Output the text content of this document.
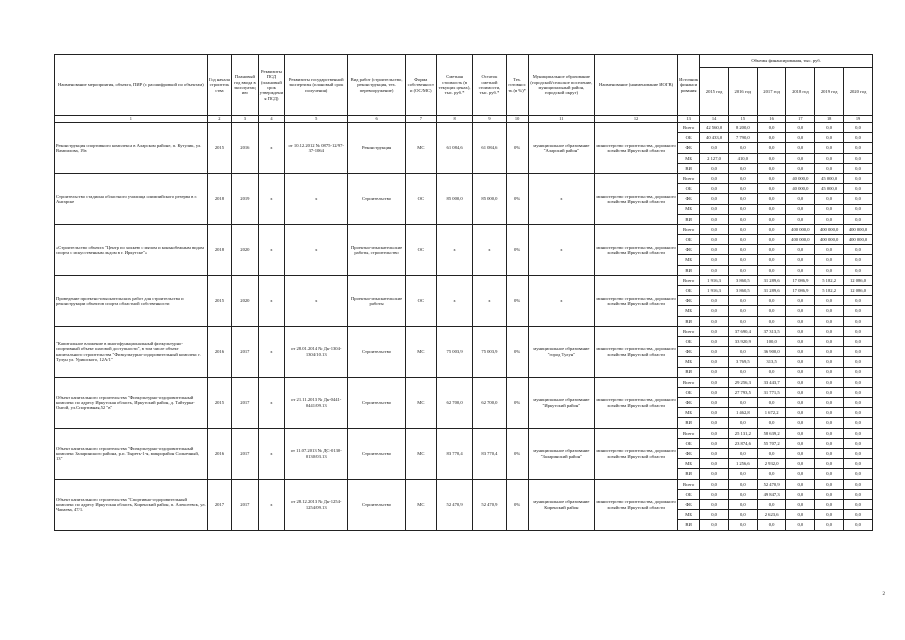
Наименование мероприятия, объекта, ПИР (с расшифровкой по объектам)	Год начала строительства	Плановый год ввода в эксплуатацию	Реквизиты ПСД (плановый срок утверждения ПСД)	Реквизиты государственной экспертизы (плановый срок получения)	Вид работ (строительство, реконструкция, тех. перевооружение)	Форма собственности (ОС/МС)	Сметная стоимость (в текущих ценах), тыс. руб.*	Остаток сметной стоимости, тыс. руб.*	Тех. готовность (в %)*	Муниципальное образование (городской/сельское поселение, муниципальный район, городской округ)	Наименование (наименование ИОГВ)	Источник финансирования	Объемы финансирования, тыс. руб.					
													2015 год	2016 год	2017 год	2018 год	2019 год	2020 год
1	2	3	4	5	6	7	8	9	10	11	12	13	14	15	16	17	18	19
Реконструкция спортивного комплекса в Аларском районе, п. Кутулик, ул. Вампилова, 19а	2015	2016	х	от 10.12.2012 № 0875-12/97-37-1064	Реконструкция	МС	61 084,6	61 084,6	0%	муниципальное образование "Аларский район"	министерство строительства, дорожного хозяйства Иркутской области	Всего	42 560,0	8 200,0	0,0	0,0	0,0	0,0
												ОБ	40 433,0	7 790,0	0,0	0,0	0,0	0,0
												ФБ	0,0	0,0	0,0	0,0	0,0	0,0
												МБ	2 127,0	410,0	0,0	0,0	0,0	0,0
												ВИ	0,0	0,0	0,0	0,0	0,0	0,0
Строительство стадиона областного училища олимпийского резерва в г. Ангарске	2018	2019	х	х	Строительство	ОС	85 000,0	85 000,0	0%	х	министерство строительства, дорожного хозяйства Иркутской области	Всего	0,0	0,0	0,0	40 000,0	45 000,0	0,0
												ОБ	0,0	0,0	0,0	40 000,0	45 000,0	0,0
												ФБ	0,0	0,0	0,0	0,0	0,0	0,0
												МБ	0,0	0,0	0,0	0,0	0,0	0,0
												ВИ	0,0	0,0	0,0	0,0	0,0	0,0
«Строительство объекта "Центр по хоккею с мячом и конькобежным видам спорта с искусственным льдом в г. Иркутске"»	2018	2020	х	х	Проектно-изыскательские работы, строительство	ОС	х	х	0%	х	министерство строительства, дорожного хозяйства Иркутской области	Всего	0,0	0,0	0,0	400 000,0	400 000,0	400 000,0
												ОБ	0,0	0,0	0,0	400 000,0	400 000,0	400 000,0
												ФБ	0,0	0,0	0,0	0,0	0,0	0,0
												МБ	0,0	0,0	0,0	0,0	0,0	0,0
												ВИ	0,0	0,0	0,0	0,0	0,0	0,0
Проведение проектно-изыскательских работ для строительства и реконструкции объектов спорта областной собственности	2015	2020	х	х	Проектно-изыскательские работы	ОС	х	х	0%	х	министерство строительства, дорожного хозяйства Иркутской области	Всего	1 916,3	3 860,5	31 289,6	17 086,9	5 182,2	12 086,0
												ОБ	1 916,3	3 860,5	31 289,6	17 086,9	5 182,2	12 086,0
												ФБ	0,0	0,0	0,0	0,0	0,0	0,0
												МБ	0,0	0,0	0,0	0,0	0,0	0,0
												ВИ	0,0	0,0	0,0	0,0	0,0	0,0
"Капитальное вложение в многофункциональный физкультурно-спортивный объект шаговой доступности", в том числе объект капитального строительства "Физкультурно-оздоровительный комплекс г. Тулун ул. Уришского, 12А/1"	2016	2017	х	от 28.01.2014 № Дк-1304-1304/10.13	Строительство	МС	75 003,9	75 003,9	0%	муниципальное образование "город Тулун"	министерство строительства, дорожного хозяйства Иркутской области	Всего	0,0	37 690,4	37 313,5	0,0	0,0	0,0
												ОБ	0,0	33 920,9	100,0	0,0	0,0	0,0
												ФБ	0,0	0,0	36 900,0	0,0	0,0	0,0
												МБ	0,0	3 769,5	313,5	0,0	0,0	0,0
												ВИ	0,0	0,0	0,0	0,0	0,0	0,0
Объект капитального строительства "Физкультурно-оздоровительный комплекс по адресу Иркутская область, Иркутский район, д. Тайтурка-Онгой, ул.Спортивная,52 "в"	2015	2017	х	от 21.11.2013 № Дк-0441-0441/09.13	Строительство	МС	62 700,0	62 700,0	0%	муниципальное образование "Иркутский район"	министерство строительства, дорожного хозяйства Иркутской области	Всего	0,0	29 256,3	33 443,7	0,0	0,0	0,0
												ОБ	0,0	27 793,5	31 771,5	0,0	0,0	0,0
												ФБ	0,0	0,0	0,0	0,0	0,0	0,0
												МБ	0,0	1 462,8	1 672,2	0,0	0,0	0,0
												ВИ	0,0	0,0	0,0	0,0	0,0	0,0
Объект капитального строительства "Физкультурно-оздоровительный комплекс Заларинского района, р.п. Тыреть-1-я, микрорайон Солнечный, 13"	2016	2017	х	от 11.07.2013 № ДС-0130-0130/03.13	Строительство	МС	83 770,4	83 770,4	0%	муниципальное образование "Заларинский район"	министерство строительства, дорожного хозяйства Иркутской области	Всего	0,0	25 131,2	58 639,2	0,0	0,0	0,0
												ОБ	0,0	23 874,6	55 707,2	0,0	0,0	0,0
												ФБ	0,0	0,0	0,0	0,0	0,0	0,0
												МБ	0,0	1 256,6	2 932,0	0,0	0,0	0,0
												ВИ	0,0	0,0	0,0	0,0	0,0	0,0
Объект капитального строительства "Спортивно-оздоровительный комплекс по адресу Иркутская область, Киренский район, п. Алексеевск, ул. Чапаева, 47/1.	2017	2017	х	от 28.12.2013 № Дк-1254-1254/09.13	Строительство	МС	52 470,9	52 470,9	0%	муниципальное образование Киренский район	министерство строительства, дорожного хозяйства Иркутской области	Всего	0,0	0,0	52 470,9	0,0	0,0	0,0
												ОБ	0,0	0,0	49 847,3	0,0	0,0	0,0
												ФБ	0,0	0,0	0,0	0,0	0,0	0,0
												МБ	0,0	0,0	2 623,6	0,0	0,0	0,0
												ВИ	0,0	0,0	0,0	0,0	0,0	0,0
2
